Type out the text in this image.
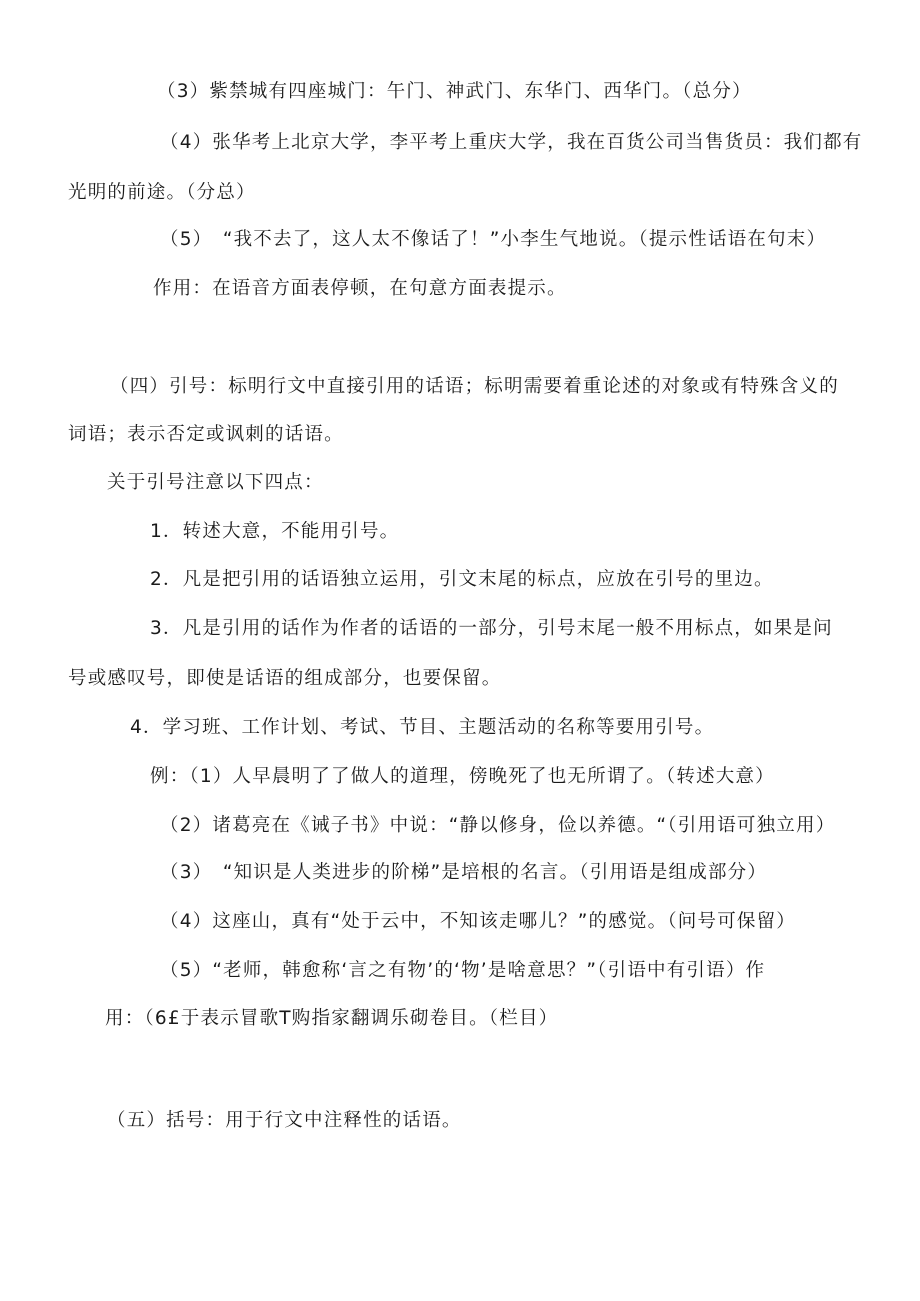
（3）紫禁城有四座城门：午门、神武门、东华门、西华门。（总分）
（4）张华考上北京大学，李平考上重庆大学，我在百货公司当售货员：我们都有
光明的前途。（分总）
（5）　“我不去了，这人太不像话了！”小李生气地说。（提示性话语在句末）
作用：在语音方面表停顿，在句意方面表提示。
（四）引号：标明行文中直接引用的话语；标明需要着重论述的对象或有特殊含义的
词语；表示否定或讽刺的话语。
关于引号注意以下四点：
1．转述大意，不能用引号。
2．凡是把引用的话语独立运用，引文末尾的标点，应放在引号的里边。
3．凡是引用的话作为作者的话语的一部分，引号末尾一般不用标点，如果是问
号或感叹号，即使是话语的组成部分，也要保留。
4．学习班、工作计划、考试、节目、主题活动的名称等要用引号。
例：（1）人早晨明了了做人的道理，傍晚死了也无所谓了。（转述大意）
（2）诸葛亮在《诫子书》中说：“静以修身，俭以养德。“（引用语可独立用）
（3）　“知识是人类进步的阶梯”是培根的名言。（引用语是组成部分）
（4）这座山，真有“处于云中，不知该走哪儿？”的感觉。（问号可保留）
（5）“老师，韩愈称‘言之有物’的‘物’是啥意思？”（引语中有引语）作
用：（6£于表示冒歌T购指家翻调乐砌卷目。（栏目）
（五）括号：用于行文中注释性的话语。
